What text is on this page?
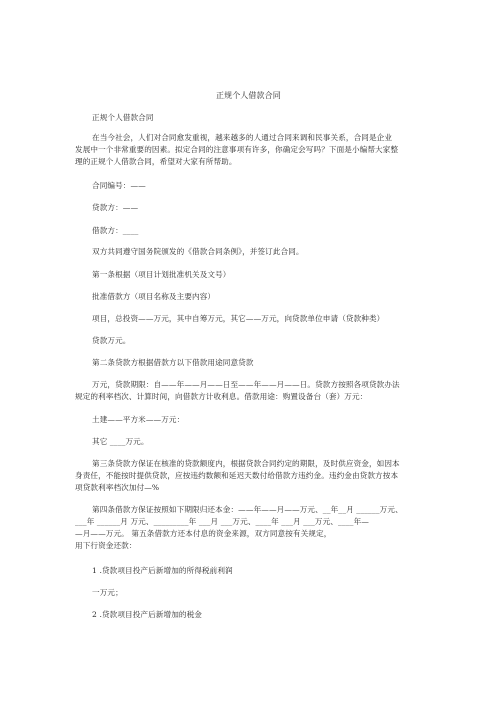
正规个人借款合同
正规个人借款合同
在当今社会，人们对合同愈发重视，越来越多的人通过合同来调和民事关系，合同是企业
发展中一个非常重要的因素。拟定合同的注意事项有许多，你确定会写吗？下面是小编帮大家整
理的正规个人借款合同，希望对大家有所帮助。
合同编号：——
贷款方：——
借款方：____
双方共同遵守国务院颁发的《借款合同条例》，并签订此合同。
第一条根据（项目计划批准机关及文号）
批准借款方（项目名称及主要内容）
项目，总投资——万元，其中自筹万元，其它——万元，向贷款单位申请（贷款种类）
贷款万元。
第二条贷款方根据借款方以下借款用途同意贷款
万元，贷款期限：自——年——月——日至——年——月——日。贷款方按照各项贷款办法
规定的利率档次、计算时间，向借款方计收利息。借款用途：购置设备台（套）万元：
土建——平方米——万元：
其它 ____万元。
第三条贷款方保证在核准的贷款额度内，根据贷款合同约定的期限，及时供应资金，如因本
身责任，不能按时提供贷款，应按违约数额和延迟天数付给借款方违约金。违约金由贷款方按本
项贷款利率档次加付—%
第四条借款方保证按照如下期限归还本金：——年——月——万元、__年__月 ______万元、
___年 ______月 万元、_________年 ___月 ___万元、____年 ___月 ___万元、____年—
—月——万元。 第五条借款方还本付息的资金来源，双方同意按有关规定，
用下行资金还款：
1 .贷款项目投产后新增加的所得税前利润
一万元；
2 .贷款项目投产后新增加的税金
